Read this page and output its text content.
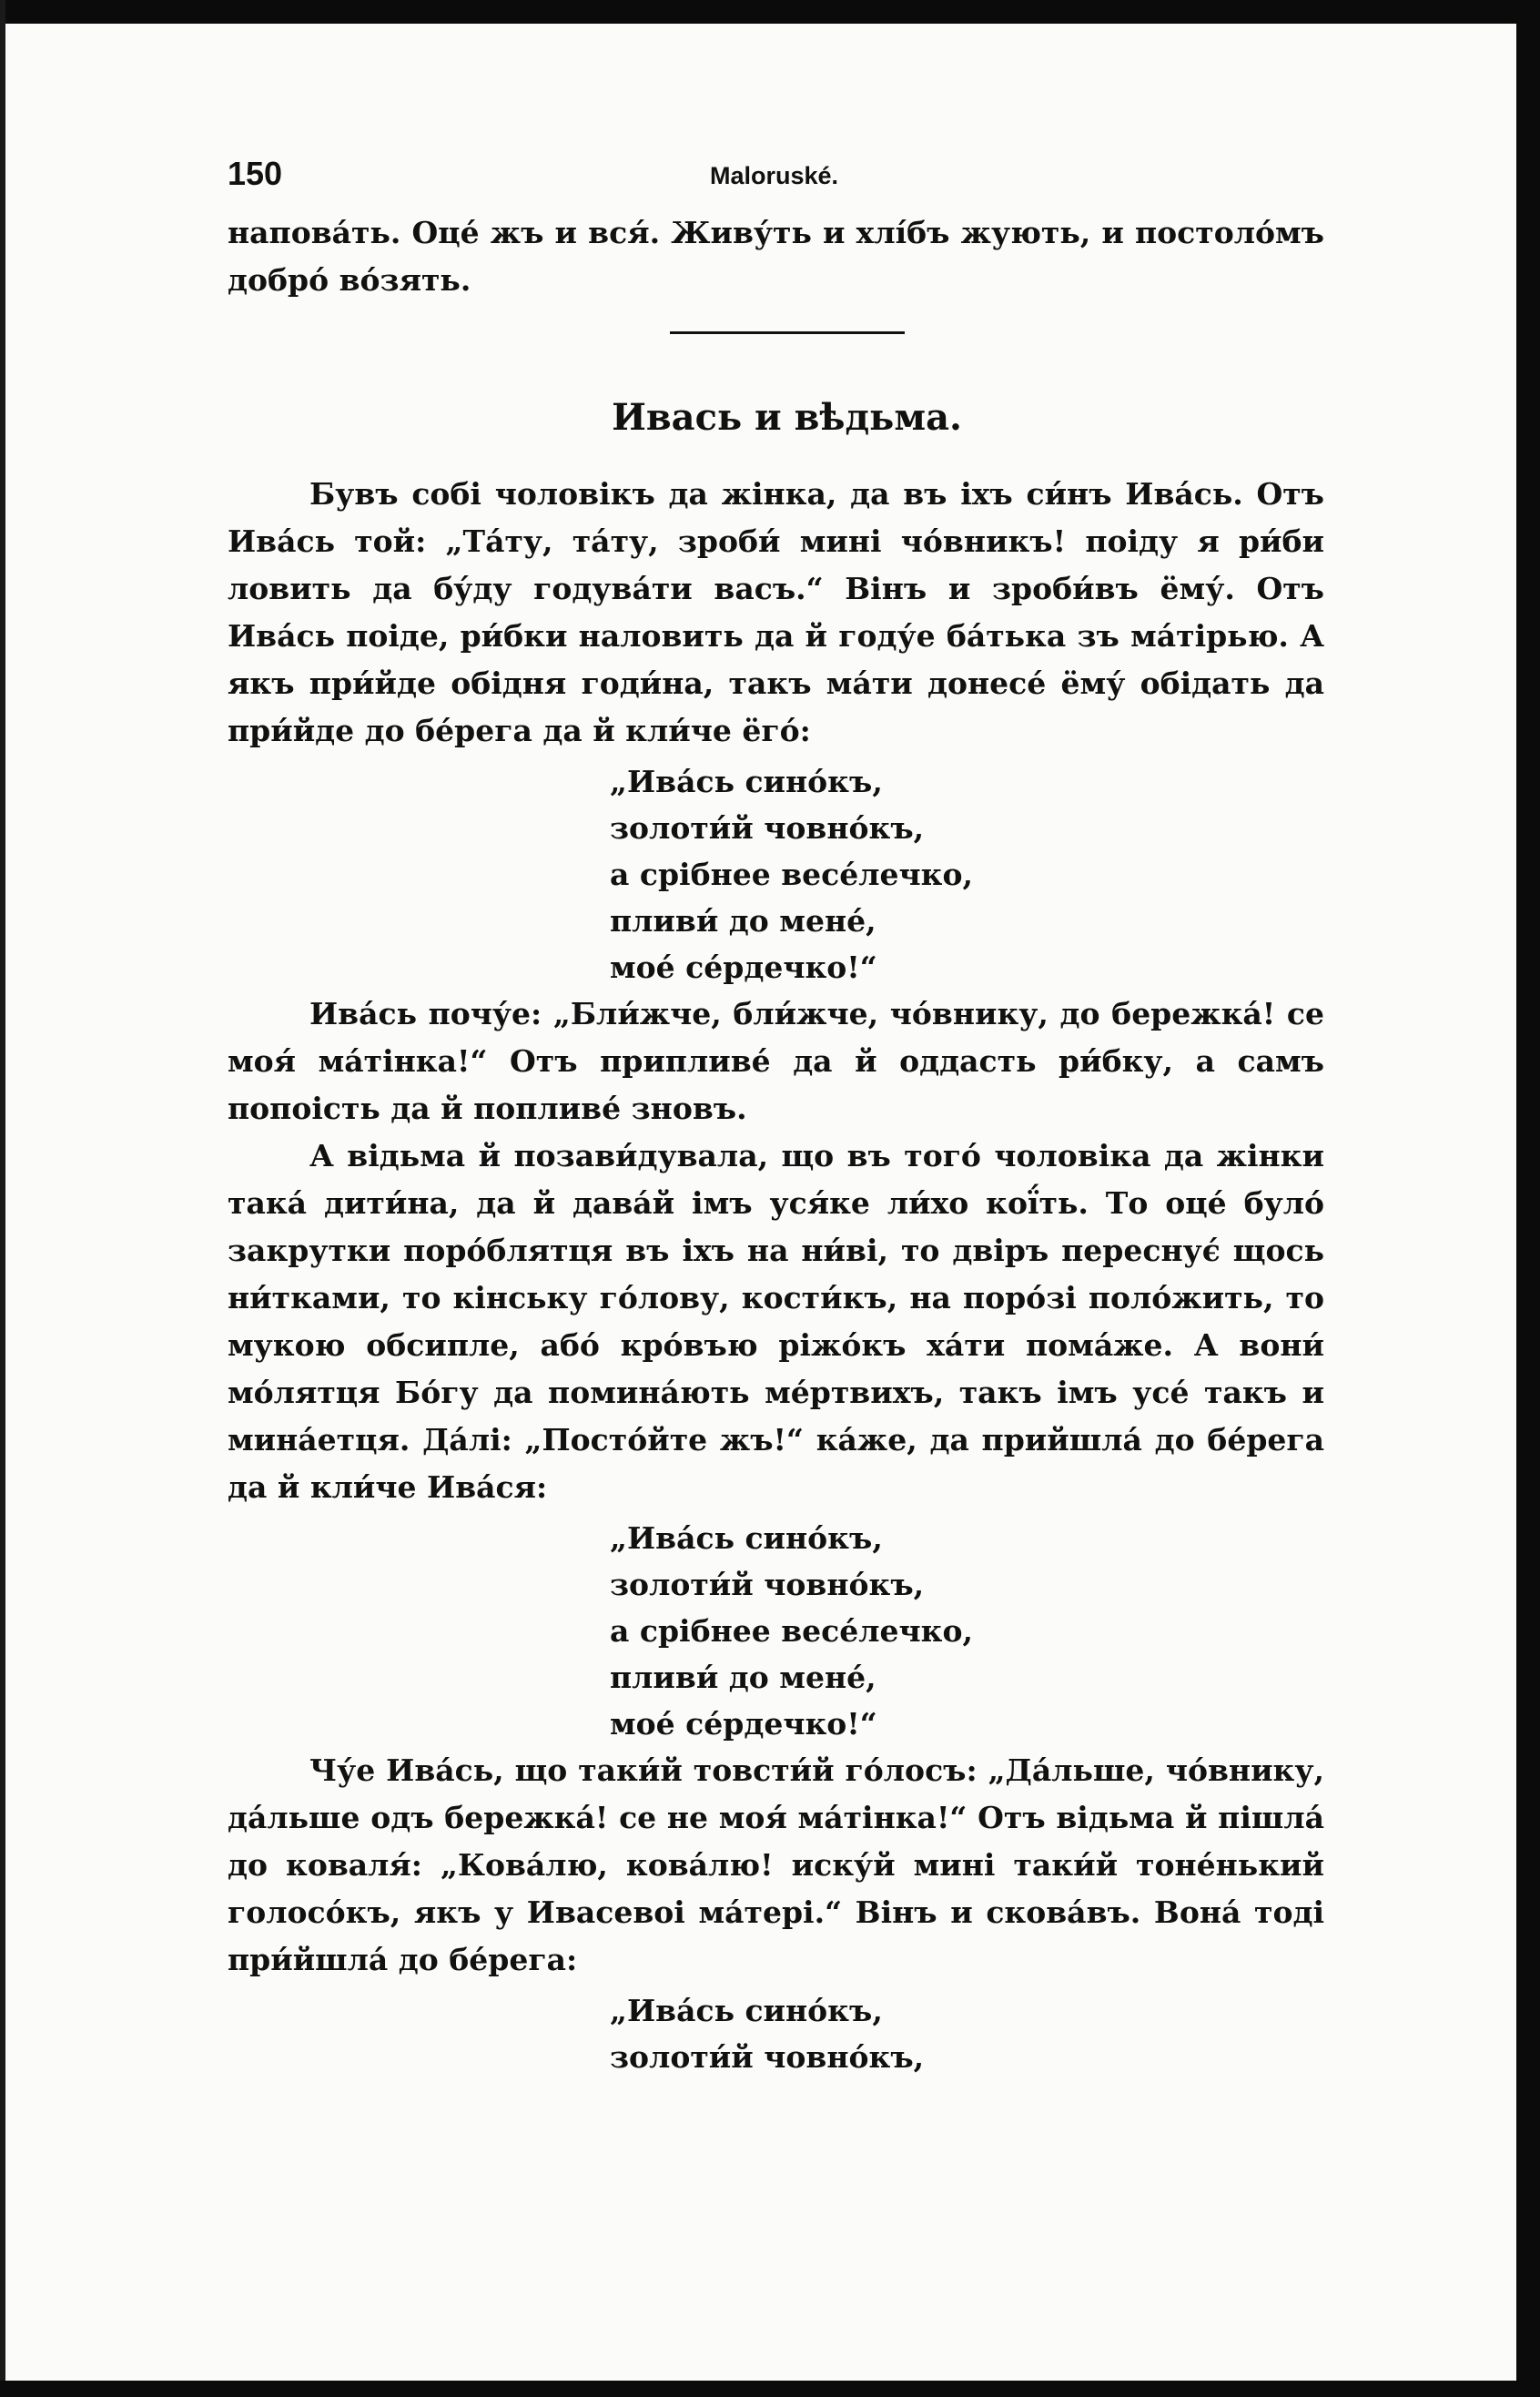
150	Maloruské.

напова́ть. Оце́ жъ и вся́. Живу́ть и хлі́бъ жують, и постоло́мъ добро́ во́зять.

Ивась и вѣдьма.

Бувъ собі чоловікъ да жінка, да въ іхъ си́нъ Ива́сь. Отъ Ива́сь той: „Та́ту, та́ту, зроби́ мині чо́вникъ! поіду я ри́би ловить да бу́ду годува́ти васъ.“ Вінъ и зроби́въ ёму́. Отъ Ива́сь поіде, ри́бки наловить да й году́е ба́тька зъ ма́тірью. А якъ при́йде обідня годи́на, такъ ма́ти донесе́ ёму́ обідать да при́йде до бе́рега да й кли́че ёго́:

„Ива́сь сино́къ,
золоти́й човно́къ,
а срібнее весе́лечко,
пливи́ до мене́,
мое́ се́рдечко!“

Ива́сь почу́е: „Бли́жче, бли́жче, чо́внику, до бережка́! се моя́ ма́тінка!“ Отъ припливе́ да й оддасть ри́бку, а самъ попоість да й попливе́ зновъ.

А відьма й позави́дувала, що въ того́ чоловіка да жінки така́ дити́на, да й дава́й імъ уся́ке ли́хо кої́ть. То оце́ було́ закрутки поро́блятця въ іхъ на ни́ві, то двіръ переснує́ щось ни́тками, то кінську го́лову, кости́къ, на поро́зі поло́жить, то мукою обсипле, або́ кро́въю ріжо́къ ха́ти пома́же. А вони́ мо́лятця Бо́гу да помина́ють ме́ртвихъ, такъ імъ усе́ такъ и мина́етця. Да́лі: „Посто́йте жъ!“ ка́же, да прийшла́ до бе́рега да й кли́че Ива́ся:

„Ива́сь сино́къ,
золоти́й човно́къ,
а срібнее весе́лечко,
пливи́ до мене́,
мое́ се́рдечко!“

Чу́е Ива́сь, що таки́й товсти́й го́лосъ: „Да́льше, чо́внику, да́льше одъ бережка́! се не моя́ ма́тінка!“ Отъ відьма й пішла́ до коваля́: „Кова́лю, кова́лю! иску́й мині таки́й тоне́нький голосо́къ, якъ у Ивасевоі ма́тері.“ Вінъ и скова́въ. Вона́ тоді при́йшла́ до бе́рега:

„Ива́сь сино́къ,
золоти́й човно́къ,
